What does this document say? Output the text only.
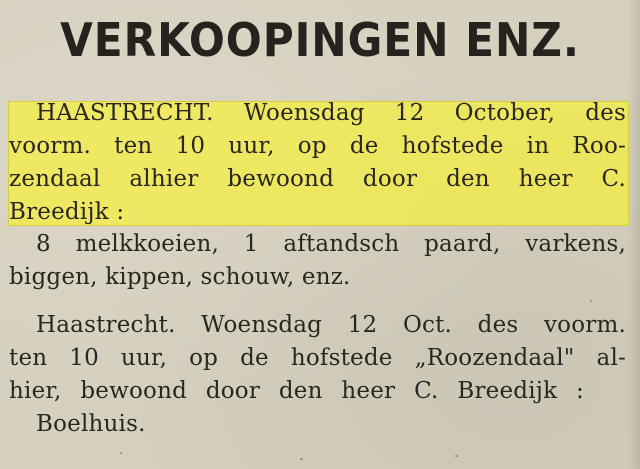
VERKOOPINGEN ENZ.
HAASTRECHT. Woensdag 12 October, des
voorm. ten 10 uur, op de hofstede in Roo-
zendaal alhier bewoond door den heer C.
Breedijk :
8 melkkoeien, 1 aftandsch paard, varkens,
biggen, kippen, schouw, enz.
Haastrecht. Woensdag 12 Oct. des voorm.
ten 10 uur, op de hofstede „Roozendaal" al-
hier, bewoond door den heer C. Breedijk :
Boelhuis.
